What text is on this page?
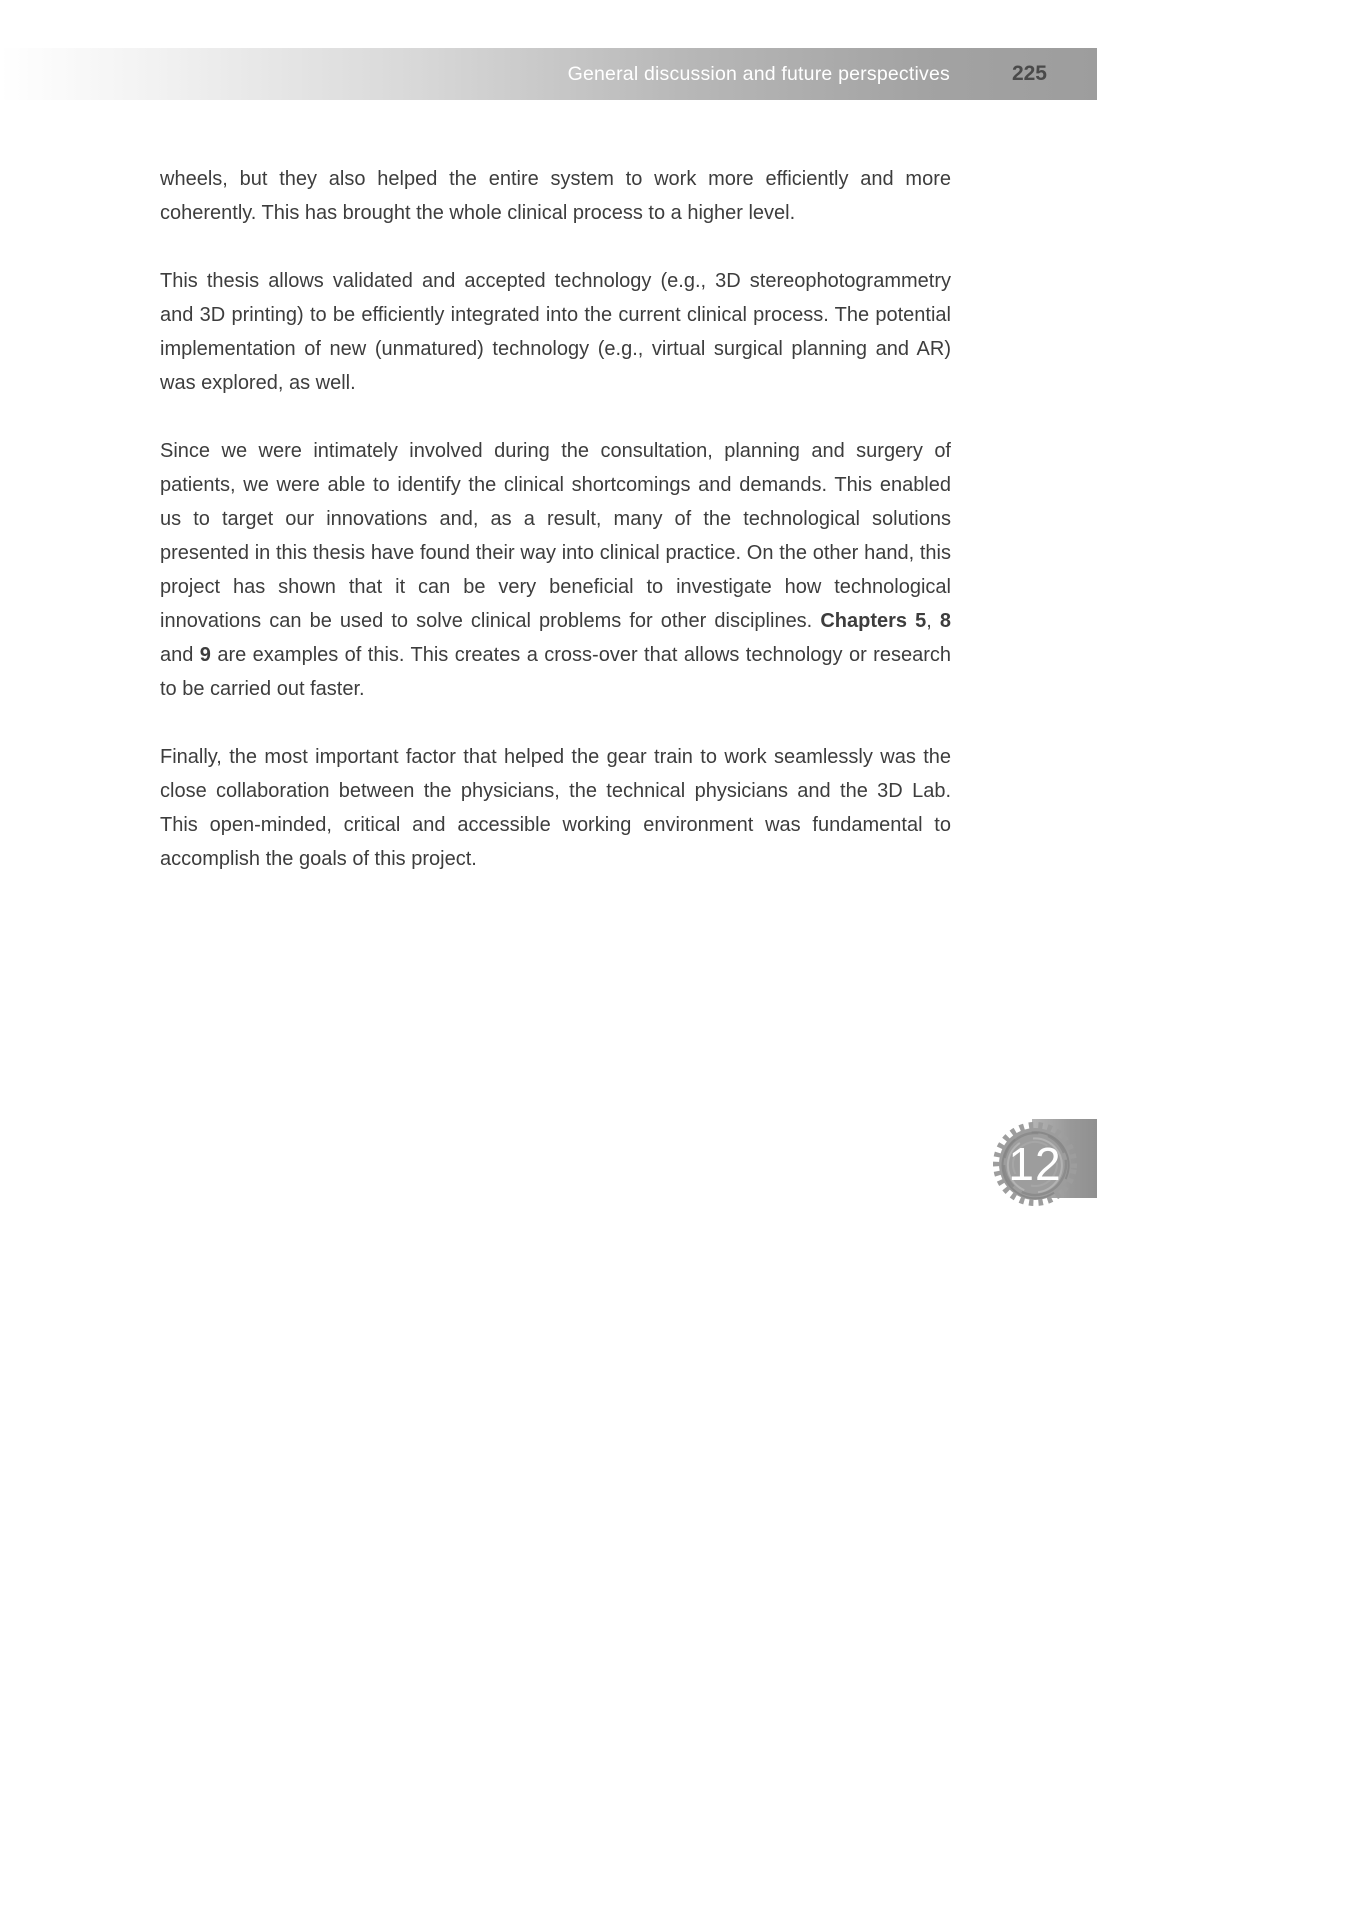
General discussion and future perspectives	225

wheels, but they also helped the entire system to work more efficiently and more coherently. This has brought the whole clinical process to a higher level.

This thesis allows validated and accepted technology (e.g., 3D stereophotogrammetry and 3D printing) to be efficiently integrated into the current clinical process. The potential implementation of new (unmatured) technology (e.g., virtual surgical planning and AR) was explored, as well.

Since we were intimately involved during the consultation, planning and surgery of patients, we were able to identify the clinical shortcomings and demands. This enabled us to target our innovations and, as a result, many of the technological solutions presented in this thesis have found their way into clinical practice. On the other hand, this project has shown that it can be very beneficial to investigate how technological innovations can be used to solve clinical problems for other disciplines. Chapters 5, 8 and 9 are examples of this. This creates a cross-over that allows technology or research to be carried out faster.

Finally, the most important factor that helped the gear train to work seamlessly was the close collaboration between the physicians, the technical physicians and the 3D Lab. This open-minded, critical and accessible working environment was fundamental to accomplish the goals of this project.

12
